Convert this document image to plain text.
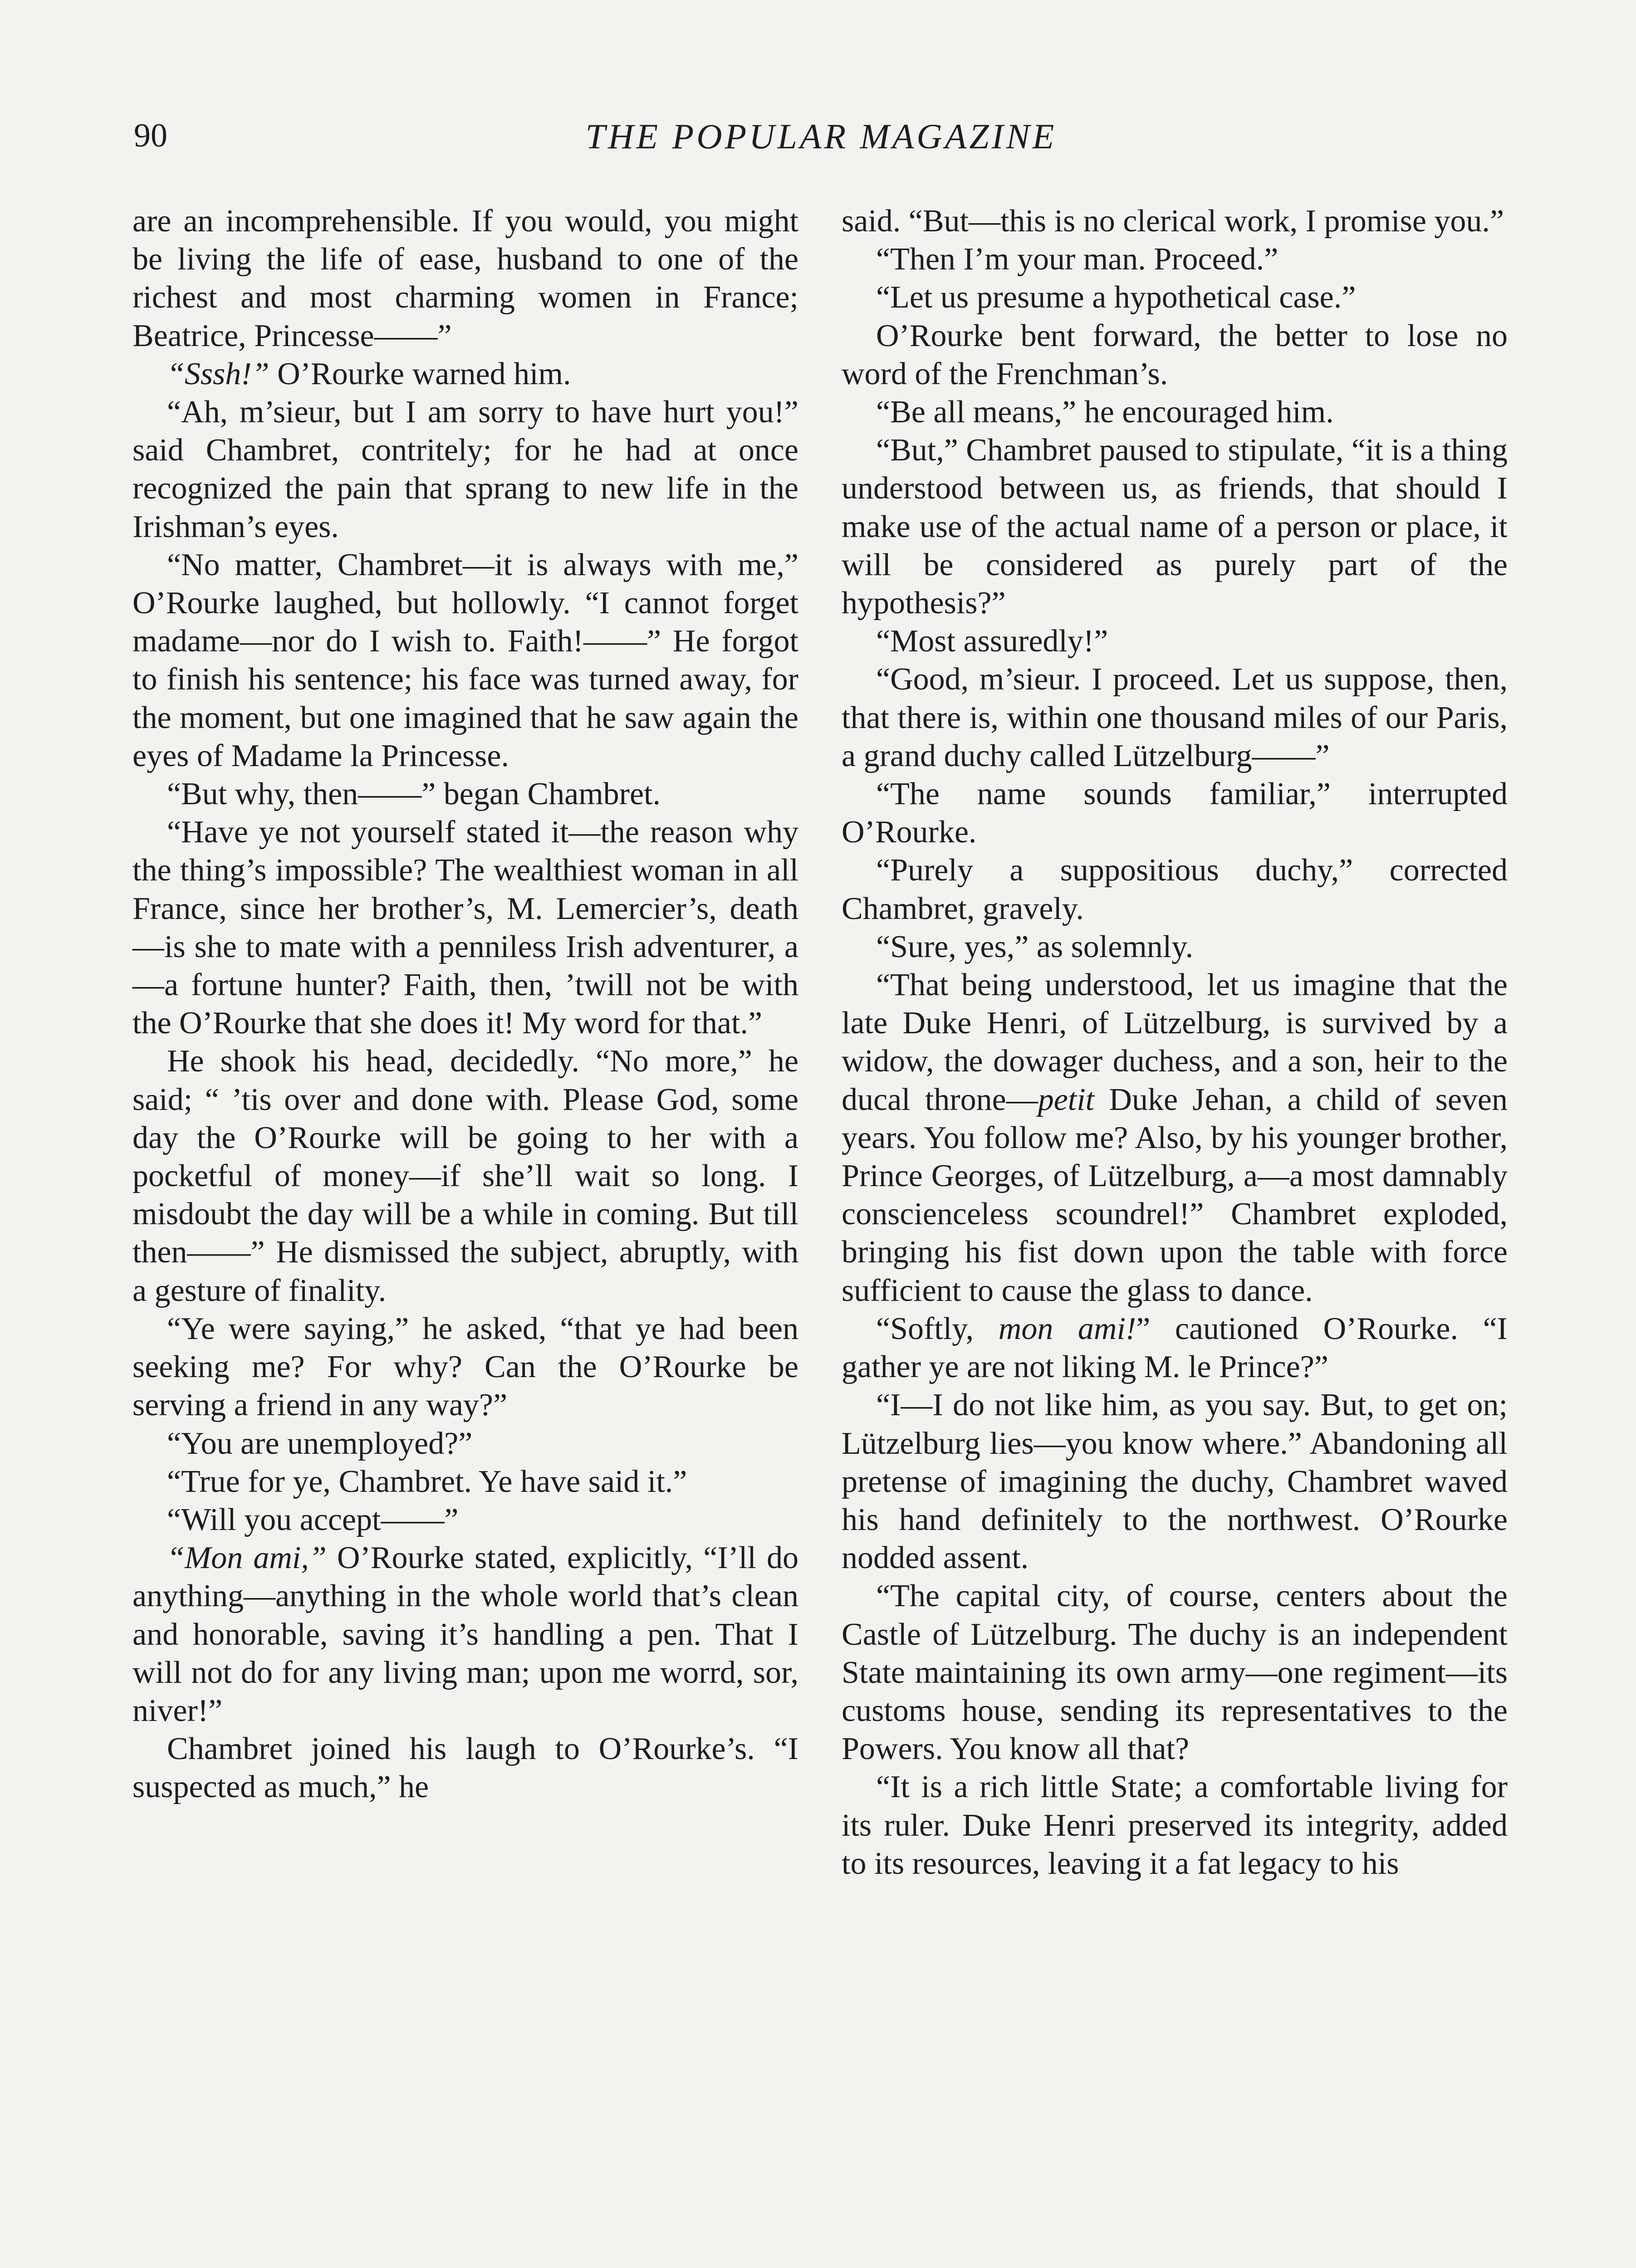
90	THE POPULAR MAGAZINE

are an incomprehensible. If you would, you might be living the life of ease, husband to one of the richest and most charming women in France; Beatrice, Princesse——”

“Sssh!” O’Rourke warned him.

“Ah, m’sieur, but I am sorry to have hurt you!” said Chambret, contritely; for he had at once recognized the pain that sprang to new life in the Irishman’s eyes.

“No matter, Chambret—it is always with me,” O’Rourke laughed, but hollowly. “I cannot forget madame—nor do I wish to. Faith!——” He forgot to finish his sentence; his face was turned away, for the moment, but one imagined that he saw again the eyes of Madame la Princesse.

“But why, then——” began Chambret.

“Have ye not yourself stated it—the reason why the thing’s impossible? The wealthiest woman in all France, since her brother’s, M. Lemercier’s, death—is she to mate with a penniless Irish adventurer, a—a fortune hunter? Faith, then, ’twill not be with the O’Rourke that she does it! My word for that.”

He shook his head, decidedly. “No more,” he said; “ ’tis over and done with. Please God, some day the O’Rourke will be going to her with a pocketful of money—if she’ll wait so long. I misdoubt the day will be a while in coming. But till then——” He dismissed the subject, abruptly, with a gesture of finality.

“Ye were saying,” he asked, “that ye had been seeking me? For why? Can the O’Rourke be serving a friend in any way?”

“You are unemployed?”

“True for ye, Chambret. Ye have said it.”

“Will you accept——”

“Mon ami,” O’Rourke stated, explicitly, “I’ll do anything—anything in the whole world that’s clean and honorable, saving it’s handling a pen. That I will not do for any living man; upon me worrd, sor, niver!”

Chambret joined his laugh to O’Rourke’s. “I suspected as much,” he

said. “But—this is no clerical work, I promise you.”

“Then I’m your man. Proceed.”

“Let us presume a hypothetical case.”

O’Rourke bent forward, the better to lose no word of the Frenchman’s.

“Be all means,” he encouraged him.

“But,” Chambret paused to stipulate, “it is a thing understood between us, as friends, that should I make use of the actual name of a person or place, it will be considered as purely part of the hypothesis?”

“Most assuredly!”

“Good, m’sieur. I proceed. Let us suppose, then, that there is, within one thousand miles of our Paris, a grand duchy called Lützelburg——”

“The name sounds familiar,” interrupted O’Rourke.

“Purely a suppositious duchy,” corrected Chambret, gravely.

“Sure, yes,” as solemnly.

“That being understood, let us imagine that the late Duke Henri, of Lützelburg, is survived by a widow, the dowager duchess, and a son, heir to the ducal throne—petit Duke Jehan, a child of seven years. You follow me? Also, by his younger brother, Prince Georges, of Lützelburg, a—a most damnably conscienceless scoundrel!” Chambret exploded, bringing his fist down upon the table with force sufficient to cause the glass to dance.

“Softly, mon ami!” cautioned O’Rourke. “I gather ye are not liking M. le Prince?”

“I—I do not like him, as you say. But, to get on; Lützelburg lies—you know where.” Abandoning all pretense of imagining the duchy, Chambret waved his hand definitely to the northwest. O’Rourke nodded assent.

“The capital city, of course, centers about the Castle of Lützelburg. The duchy is an independent State maintaining its own army—one regiment—its customs house, sending its representatives to the Powers. You know all that?

“It is a rich little State; a comfortable living for its ruler. Duke Henri preserved its integrity, added to its resources, leaving it a fat legacy to his
